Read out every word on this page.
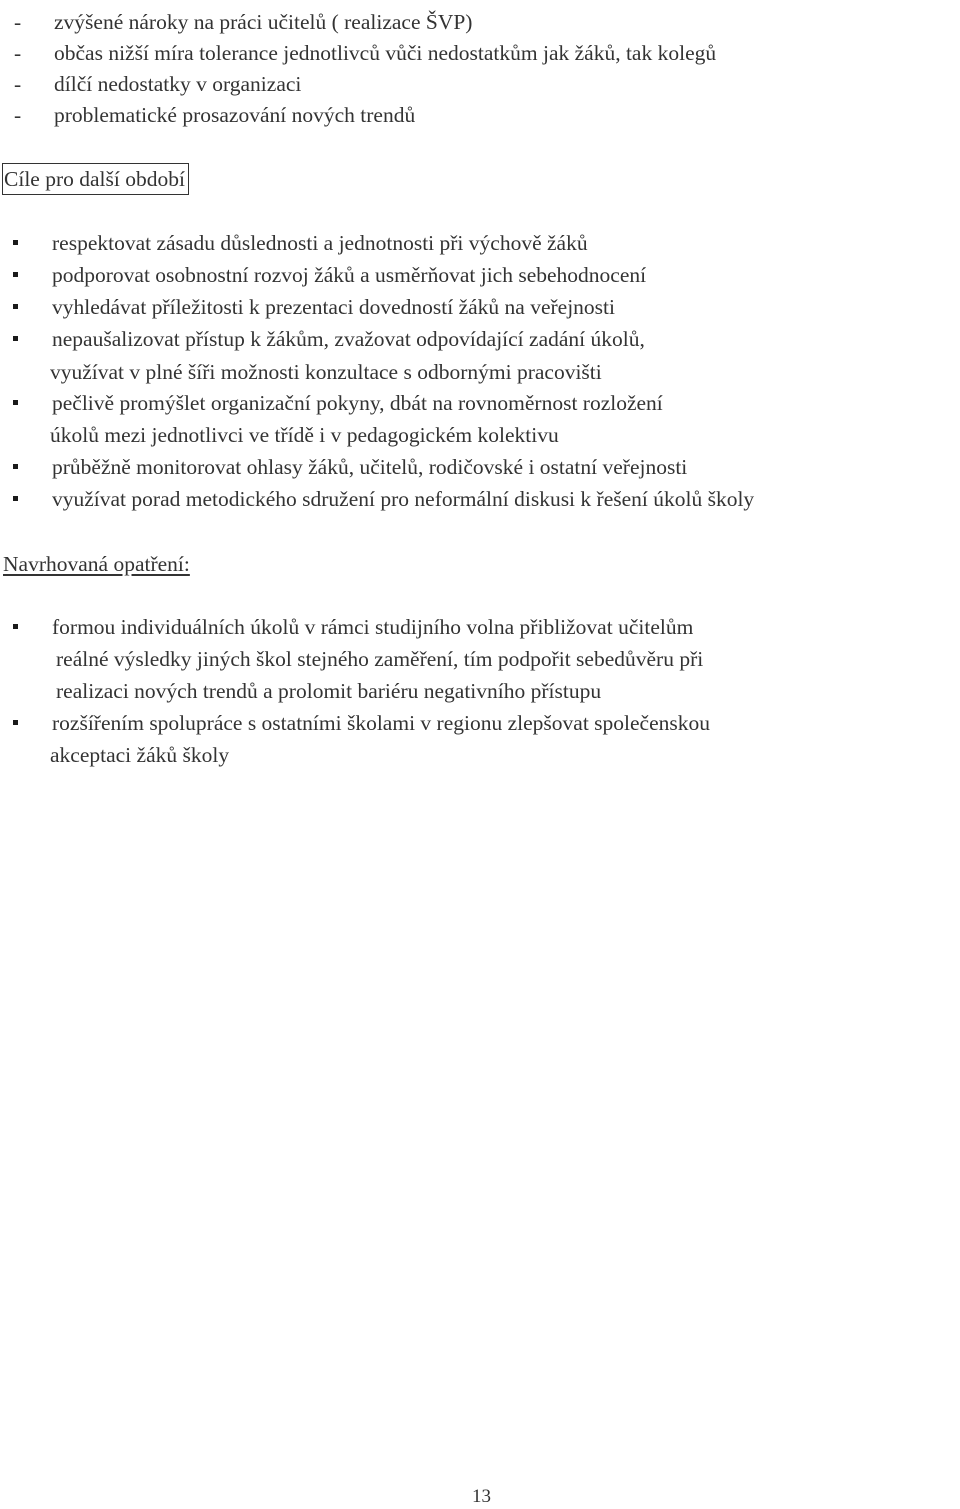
- zvýšené nároky na práci učitelů ( realizace ŠVP)
- občas nižší míra tolerance jednotlivců vůči nedostatkům jak žáků, tak kolegů
- dílčí nedostatky v organizaci
- problematické prosazování nových trendů
Cíle pro další období
respektovat zásadu důslednosti a jednotnosti při výchově žáků
podporovat osobnostní rozvoj žáků a usměrňovat jich sebehodnocení
vyhledávat příležitosti k prezentaci dovedností žáků na veřejnosti
nepaušalizovat přístup k žákům, zvažovat odpovídající zadání úkolů,
využívat v plné šíři možnosti konzultace s odbornými pracovišti
pečlivě promýšlet organizační pokyny, dbát na rovnoměrnost rozložení
úkolů mezi jednotlivci ve třídě i v pedagogickém kolektivu
průběžně monitorovat ohlasy žáků, učitelů, rodičovské i ostatní veřejnosti
využívat porad metodického sdružení pro neformální diskusi k řešení úkolů školy
Navrhovaná opatření:
formou individuálních úkolů v rámci studijního volna přibližovat učitelům
reálné výsledky jiných škol stejného zaměření, tím podpořit sebedůvěru při
realizaci nových trendů a prolomit bariéru negativního přístupu
rozšířením spolupráce s ostatními školami v regionu zlepšovat společenskou
akceptaci žáků školy
13
